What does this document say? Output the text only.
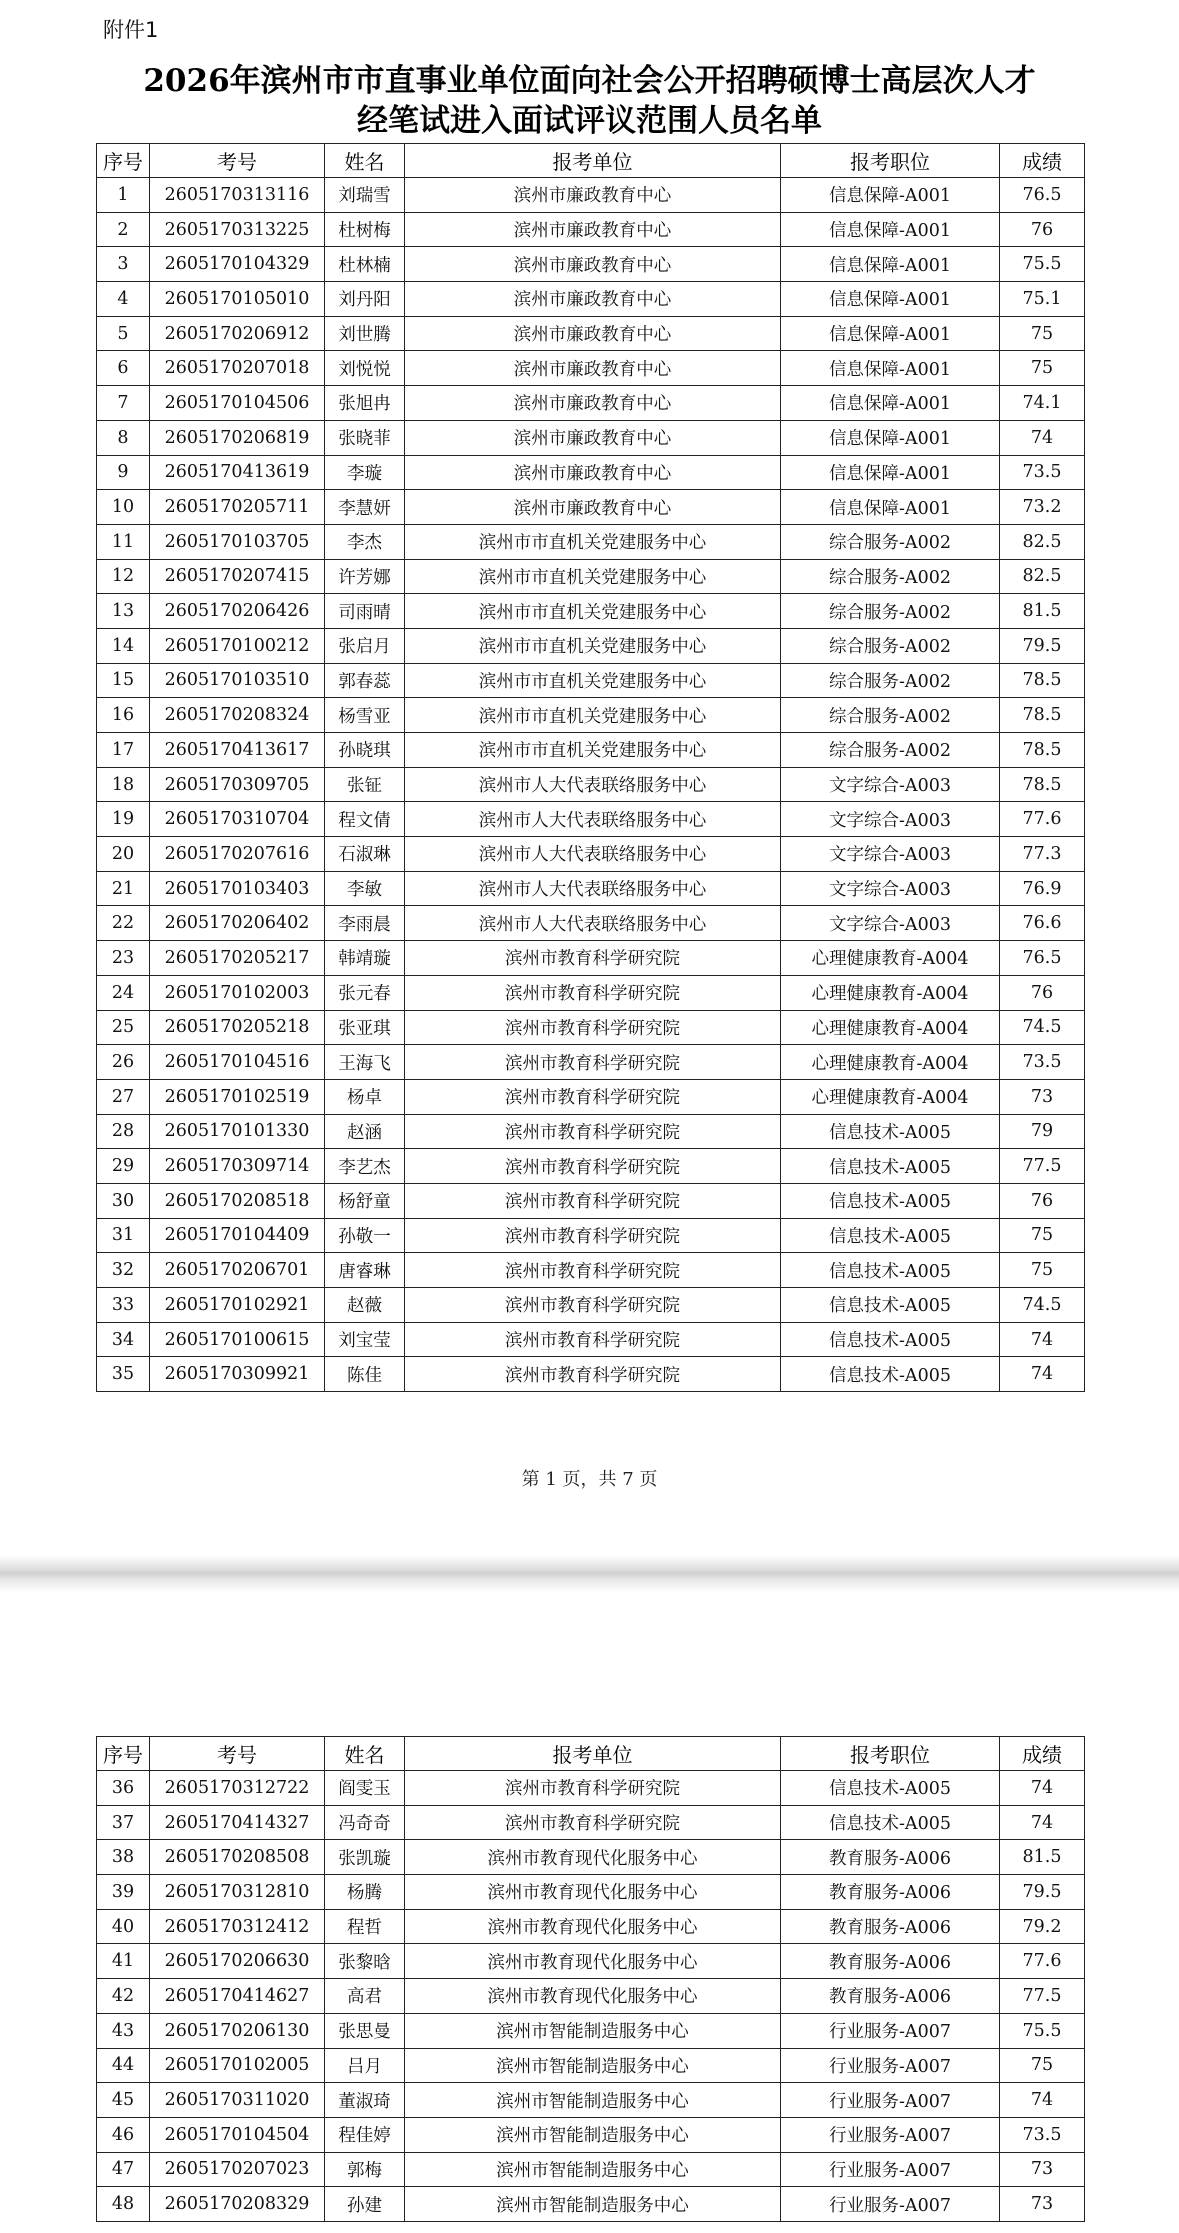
附件1
2026年滨州市市直事业单位面向社会公开招聘硕博士高层次人才
经笔试进入面试评议范围人员名单
序号	考号	姓名	报考单位	报考职位	成绩
1	2605170313116	刘瑞雪	滨州市廉政教育中心	信息保障-A001	76.5
2	2605170313225	杜树梅	滨州市廉政教育中心	信息保障-A001	76
3	2605170104329	杜林楠	滨州市廉政教育中心	信息保障-A001	75.5
4	2605170105010	刘丹阳	滨州市廉政教育中心	信息保障-A001	75.1
5	2605170206912	刘世腾	滨州市廉政教育中心	信息保障-A001	75
6	2605170207018	刘悦悦	滨州市廉政教育中心	信息保障-A001	75
7	2605170104506	张旭冉	滨州市廉政教育中心	信息保障-A001	74.1
8	2605170206819	张晓菲	滨州市廉政教育中心	信息保障-A001	74
9	2605170413619	李璇	滨州市廉政教育中心	信息保障-A001	73.5
10	2605170205711	李慧妍	滨州市廉政教育中心	信息保障-A001	73.2
11	2605170103705	李杰	滨州市市直机关党建服务中心	综合服务-A002	82.5
12	2605170207415	许芳娜	滨州市市直机关党建服务中心	综合服务-A002	82.5
13	2605170206426	司雨晴	滨州市市直机关党建服务中心	综合服务-A002	81.5
14	2605170100212	张启月	滨州市市直机关党建服务中心	综合服务-A002	79.5
15	2605170103510	郭春蕊	滨州市市直机关党建服务中心	综合服务-A002	78.5
16	2605170208324	杨雪亚	滨州市市直机关党建服务中心	综合服务-A002	78.5
17	2605170413617	孙晓琪	滨州市市直机关党建服务中心	综合服务-A002	78.5
18	2605170309705	张钲	滨州市人大代表联络服务中心	文字综合-A003	78.5
19	2605170310704	程文倩	滨州市人大代表联络服务中心	文字综合-A003	77.6
20	2605170207616	石淑琳	滨州市人大代表联络服务中心	文字综合-A003	77.3
21	2605170103403	李敏	滨州市人大代表联络服务中心	文字综合-A003	76.9
22	2605170206402	李雨晨	滨州市人大代表联络服务中心	文字综合-A003	76.6
23	2605170205217	韩靖璇	滨州市教育科学研究院	心理健康教育-A004	76.5
24	2605170102003	张元春	滨州市教育科学研究院	心理健康教育-A004	76
25	2605170205218	张亚琪	滨州市教育科学研究院	心理健康教育-A004	74.5
26	2605170104516	王海飞	滨州市教育科学研究院	心理健康教育-A004	73.5
27	2605170102519	杨卓	滨州市教育科学研究院	心理健康教育-A004	73
28	2605170101330	赵涵	滨州市教育科学研究院	信息技术-A005	79
29	2605170309714	李艺杰	滨州市教育科学研究院	信息技术-A005	77.5
30	2605170208518	杨舒童	滨州市教育科学研究院	信息技术-A005	76
31	2605170104409	孙敬一	滨州市教育科学研究院	信息技术-A005	75
32	2605170206701	唐睿琳	滨州市教育科学研究院	信息技术-A005	75
33	2605170102921	赵薇	滨州市教育科学研究院	信息技术-A005	74.5
34	2605170100615	刘宝莹	滨州市教育科学研究院	信息技术-A005	74
35	2605170309921	陈佳	滨州市教育科学研究院	信息技术-A005	74
第 1 页，共 7 页
序号	考号	姓名	报考单位	报考职位	成绩
36	2605170312722	阎雯玉	滨州市教育科学研究院	信息技术-A005	74
37	2605170414327	冯奇奇	滨州市教育科学研究院	信息技术-A005	74
38	2605170208508	张凯璇	滨州市教育现代化服务中心	教育服务-A006	81.5
39	2605170312810	杨腾	滨州市教育现代化服务中心	教育服务-A006	79.5
40	2605170312412	程哲	滨州市教育现代化服务中心	教育服务-A006	79.2
41	2605170206630	张黎晗	滨州市教育现代化服务中心	教育服务-A006	77.6
42	2605170414627	高君	滨州市教育现代化服务中心	教育服务-A006	77.5
43	2605170206130	张思曼	滨州市智能制造服务中心	行业服务-A007	75.5
44	2605170102005	吕月	滨州市智能制造服务中心	行业服务-A007	75
45	2605170311020	董淑琦	滨州市智能制造服务中心	行业服务-A007	74
46	2605170104504	程佳婷	滨州市智能制造服务中心	行业服务-A007	73.5
47	2605170207023	郭梅	滨州市智能制造服务中心	行业服务-A007	73
48	2605170208329	孙建	滨州市智能制造服务中心	行业服务-A007	73
